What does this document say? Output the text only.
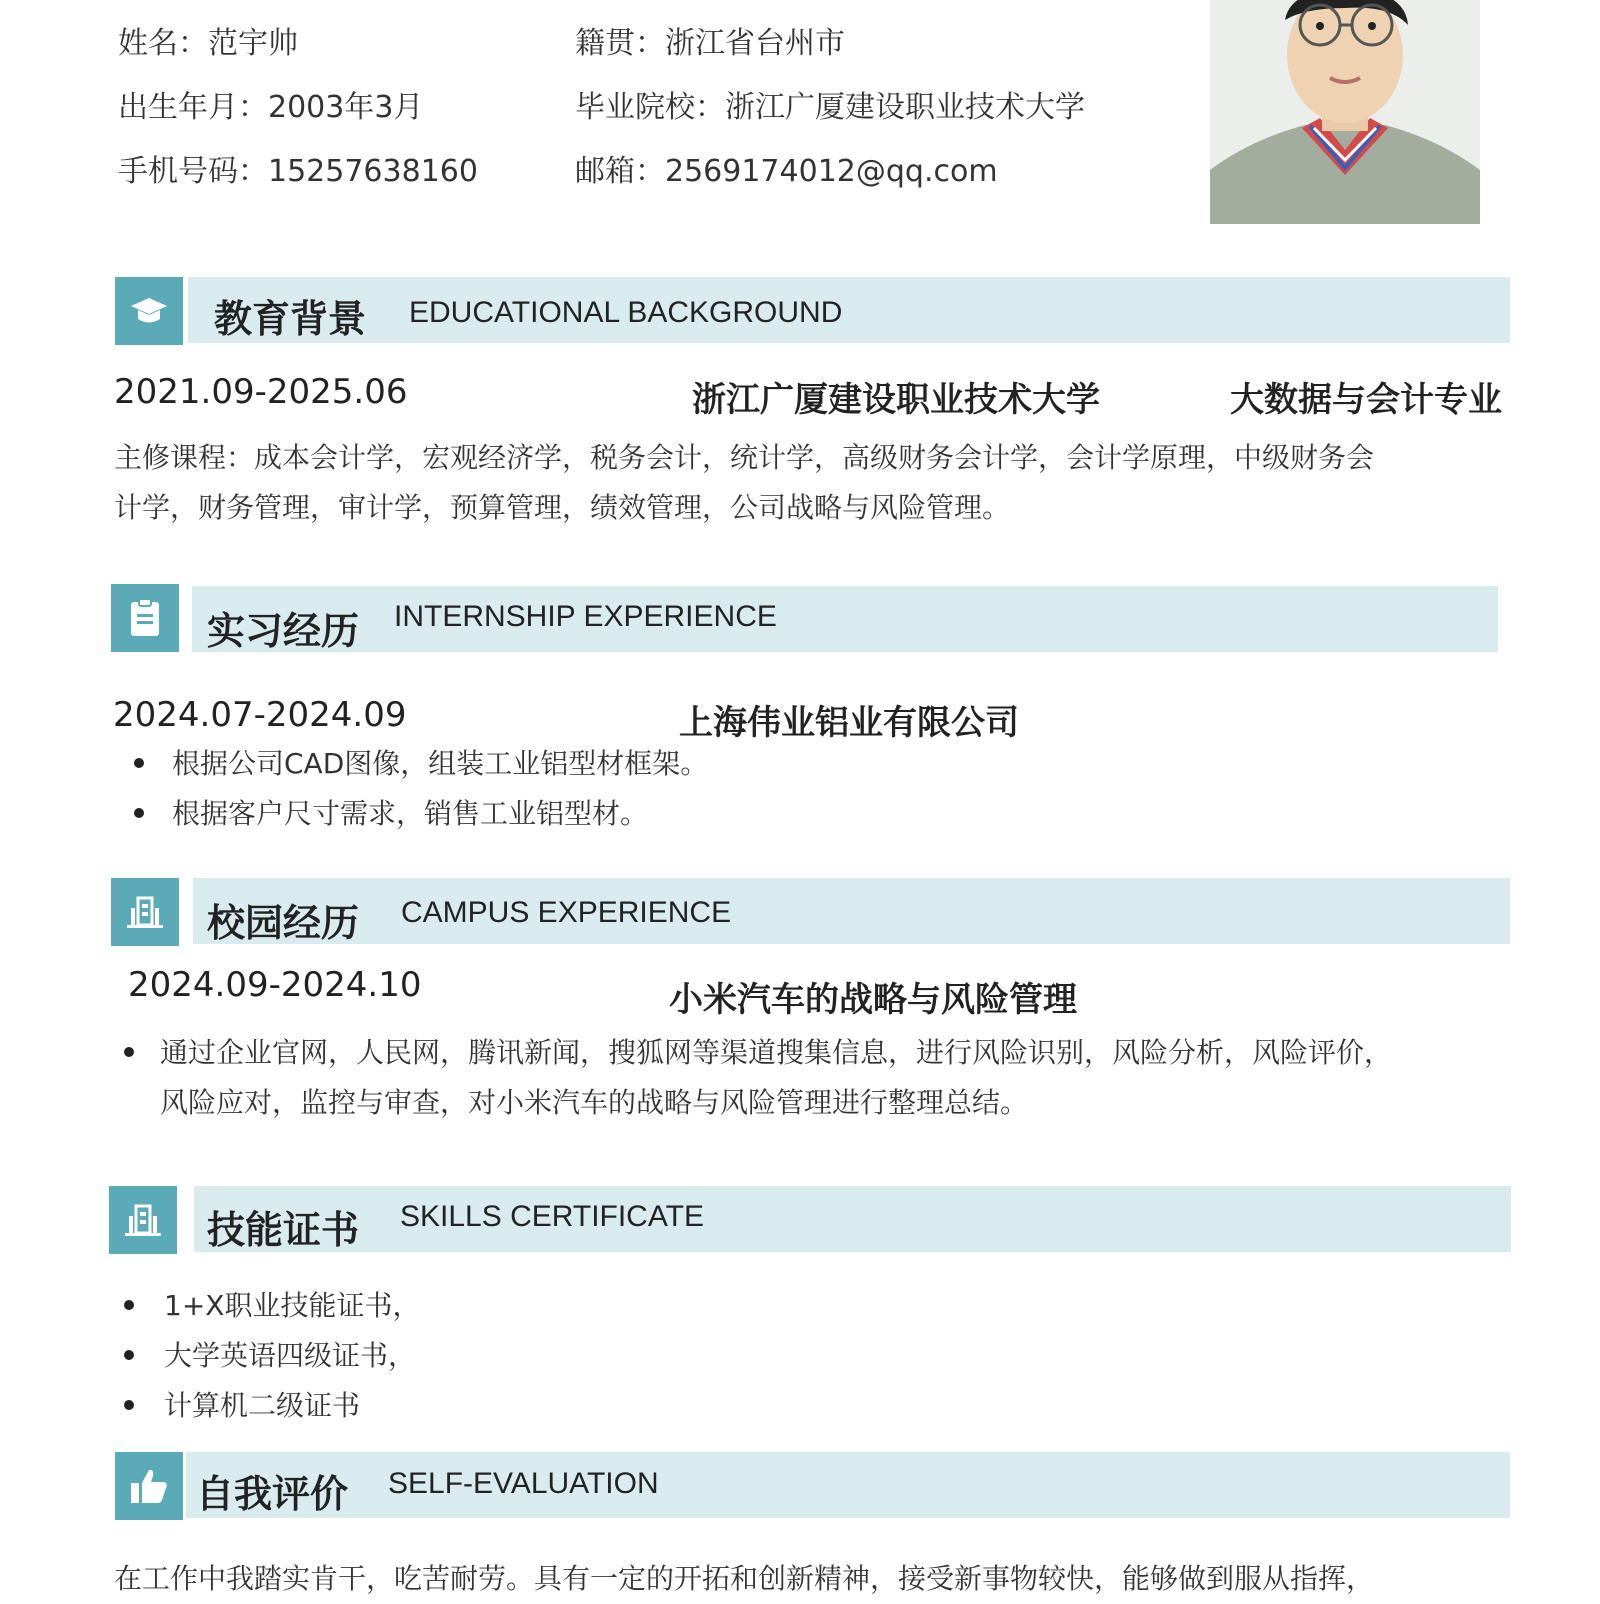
姓名：范宇帅	籍贯：浙江省台州市
出生年月：2003年3月	毕业院校：浙江广厦建设职业技术大学
手机号码：15257638160	邮箱：2569174012@qq.com
教育背景 EDUCATIONAL BACKGROUND
2021.09-2025.06	浙江广厦建设职业技术大学	大数据与会计专业
主修课程：成本会计学，宏观经济学，税务会计，统计学，高级财务会计学，会计学原理，中级财务会
计学，财务管理，审计学，预算管理，绩效管理，公司战略与风险管理。
实习经历 INTERNSHIP EXPERIENCE
2024.07-2024.09	上海伟业铝业有限公司
根据公司CAD图像，组装工业铝型材框架。
根据客户尺寸需求，销售工业铝型材。
校园经历 CAMPUS EXPERIENCE
2024.09-2024.10	小米汽车的战略与风险管理
通过企业官网，人民网，腾讯新闻，搜狐网等渠道搜集信息，进行风险识别，风险分析，风险评价，
风险应对，监控与审查，对小米汽车的战略与风险管理进行整理总结。
技能证书 SKILLS CERTIFICATE
1+X职业技能证书，
大学英语四级证书，
计算机二级证书
自我评价 SELF-EVALUATION
在工作中我踏实肯干，吃苦耐劳。具有一定的开拓和创新精神，接受新事物较快，能够做到服从指挥，
